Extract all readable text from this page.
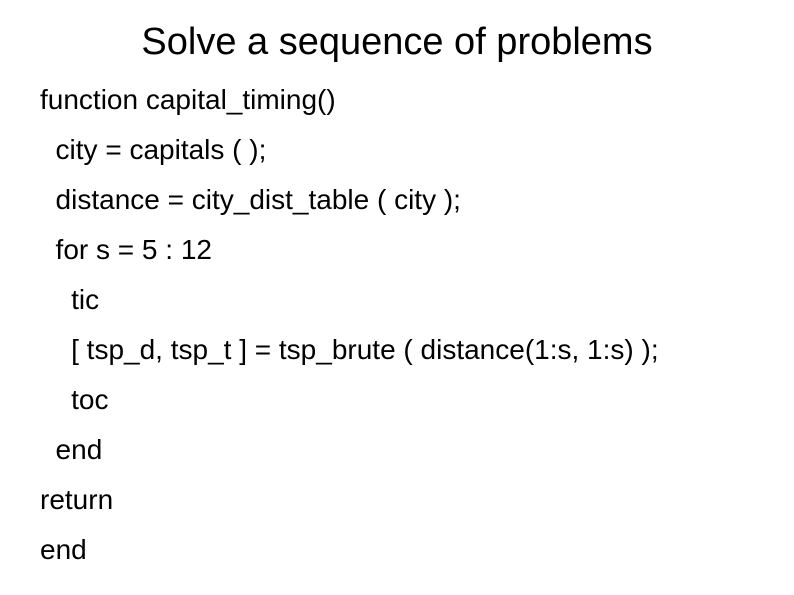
Solve a sequence of problems
function capital_timing()
city = capitals ( );
distance = city_dist_table ( city );
for s = 5 : 12
tic
[ tsp_d, tsp_t ] = tsp_brute ( distance(1:s, 1:s) );
toc
end
return
end
